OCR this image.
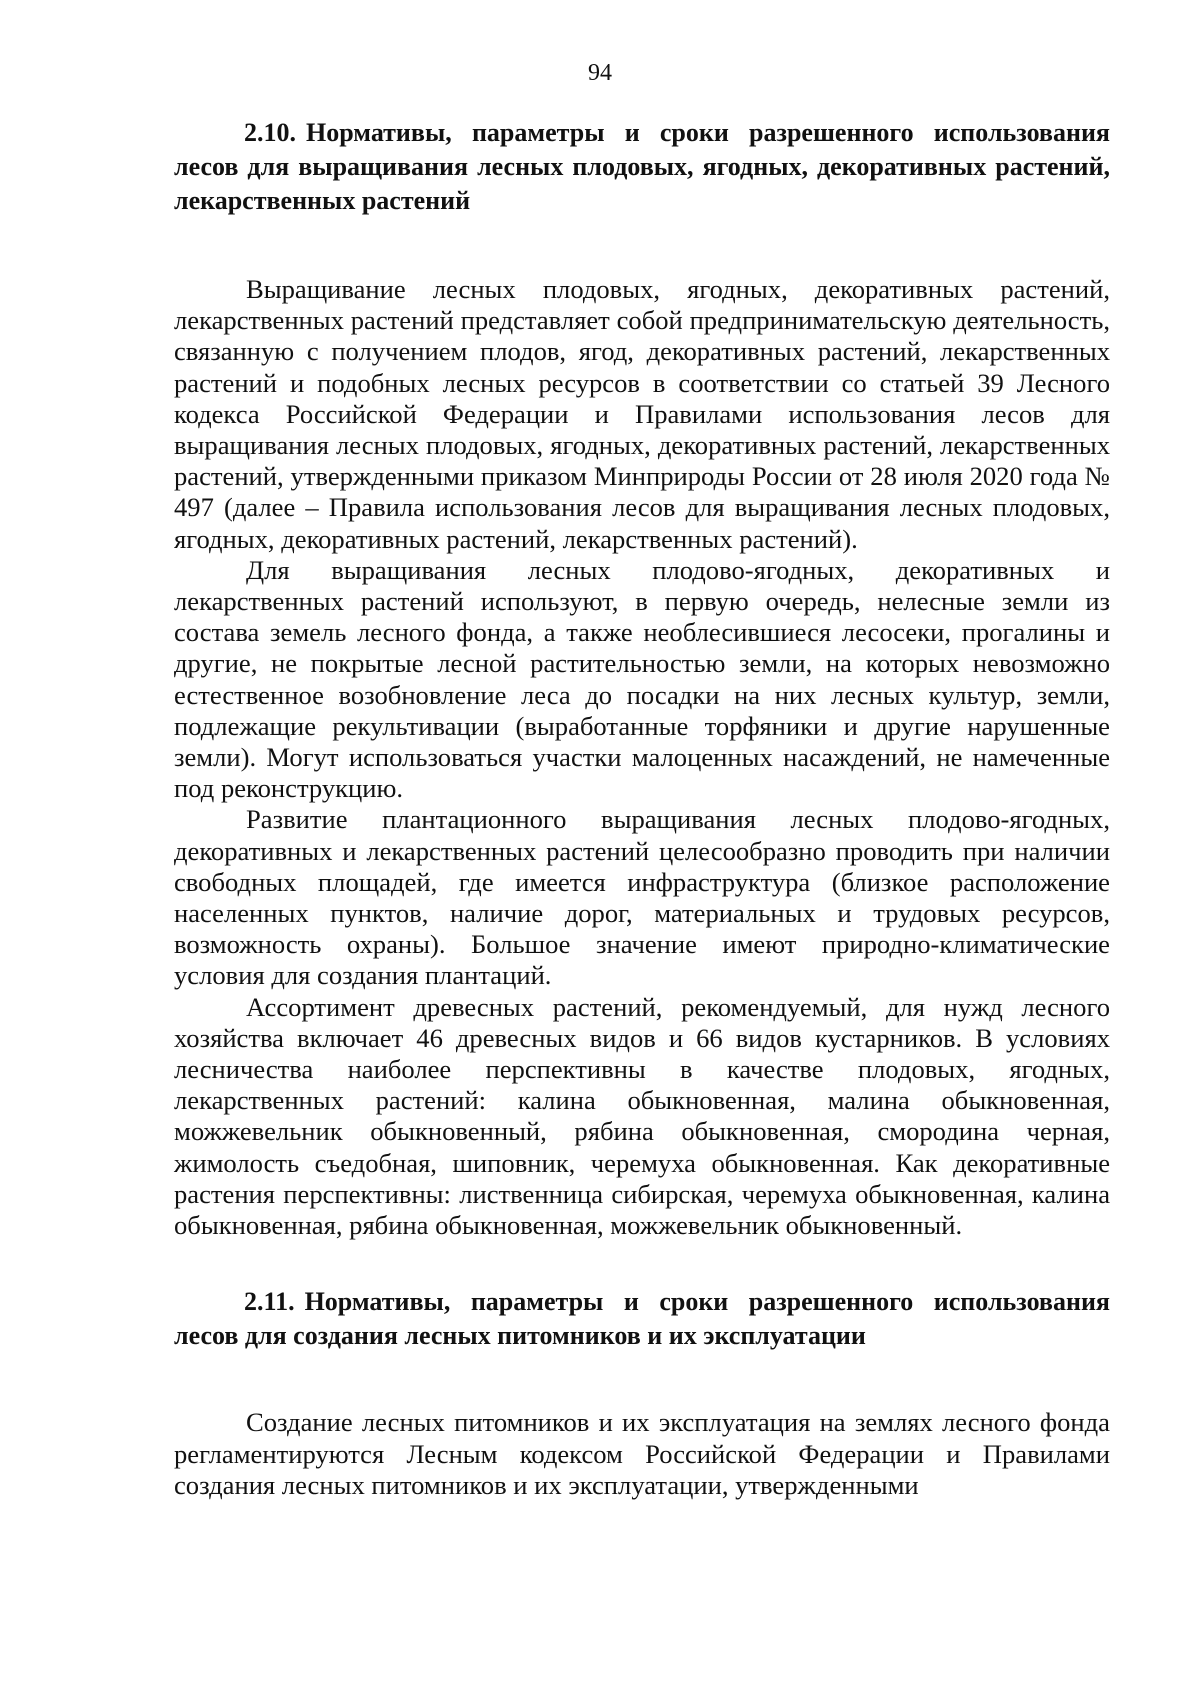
94
2.10. Нормативы, параметры и сроки разрешенного использования лесов для выращивания лесных плодовых, ягодных, декоративных растений, лекарственных растений

Выращивание лесных плодовых, ягодных, декоративных растений, лекарственных растений представляет собой предпринимательскую деятельность, связанную с получением плодов, ягод, декоративных растений, лекарственных растений и подобных лесных ресурсов в соответствии со статьей 39 Лесного кодекса Российской Федерации и Правилами использования лесов для выращивания лесных плодовых, ягодных, декоративных растений, лекарственных растений, утвержденными приказом Минприроды России от 28 июля 2020 года № 497 (далее – Правила использования лесов для выращивания лесных плодовых, ягодных, декоративных растений, лекарственных растений).

Для выращивания лесных плодово-ягодных, декоративных и лекарственных растений используют, в первую очередь, нелесные земли из состава земель лесного фонда, а также необлесившиеся лесосеки, прогалины и другие, не покрытые лесной растительностью земли, на которых невозможно естественное возобновление леса до посадки на них лесных культур, земли, подлежащие рекультивации (выработанные торфяники и другие нарушенные земли). Могут использоваться участки малоценных насаждений, не намеченные под реконструкцию.

Развитие плантационного выращивания лесных плодово-ягодных, декоративных и лекарственных растений целесообразно проводить при наличии свободных площадей, где имеется инфраструктура (близкое расположение населенных пунктов, наличие дорог, материальных и трудовых ресурсов, возможность охраны). Большое значение имеют природно-климатические условия для создания плантаций.

Ассортимент древесных растений, рекомендуемый, для нужд лесного хозяйства включает 46 древесных видов и 66 видов кустарников. В условиях лесничества наиболее перспективны в качестве плодовых, ягодных, лекарственных растений: калина обыкновенная, малина обыкновенная, можжевельник обыкновенный, рябина обыкновенная, смородина черная, жимолость съедобная, шиповник, черемуха обыкновенная. Как декоративные растения перспективны: лиственница сибирская, черемуха обыкновенная, калина обыкновенная, рябина обыкновенная, можжевельник обыкновенный.

2.11. Нормативы, параметры и сроки разрешенного использования лесов для создания лесных питомников и их эксплуатации

Создание лесных питомников и их эксплуатация на землях лесного фонда регламентируются Лесным кодексом Российской Федерации и Правилами создания лесных питомников и их эксплуатации, утвержденными
